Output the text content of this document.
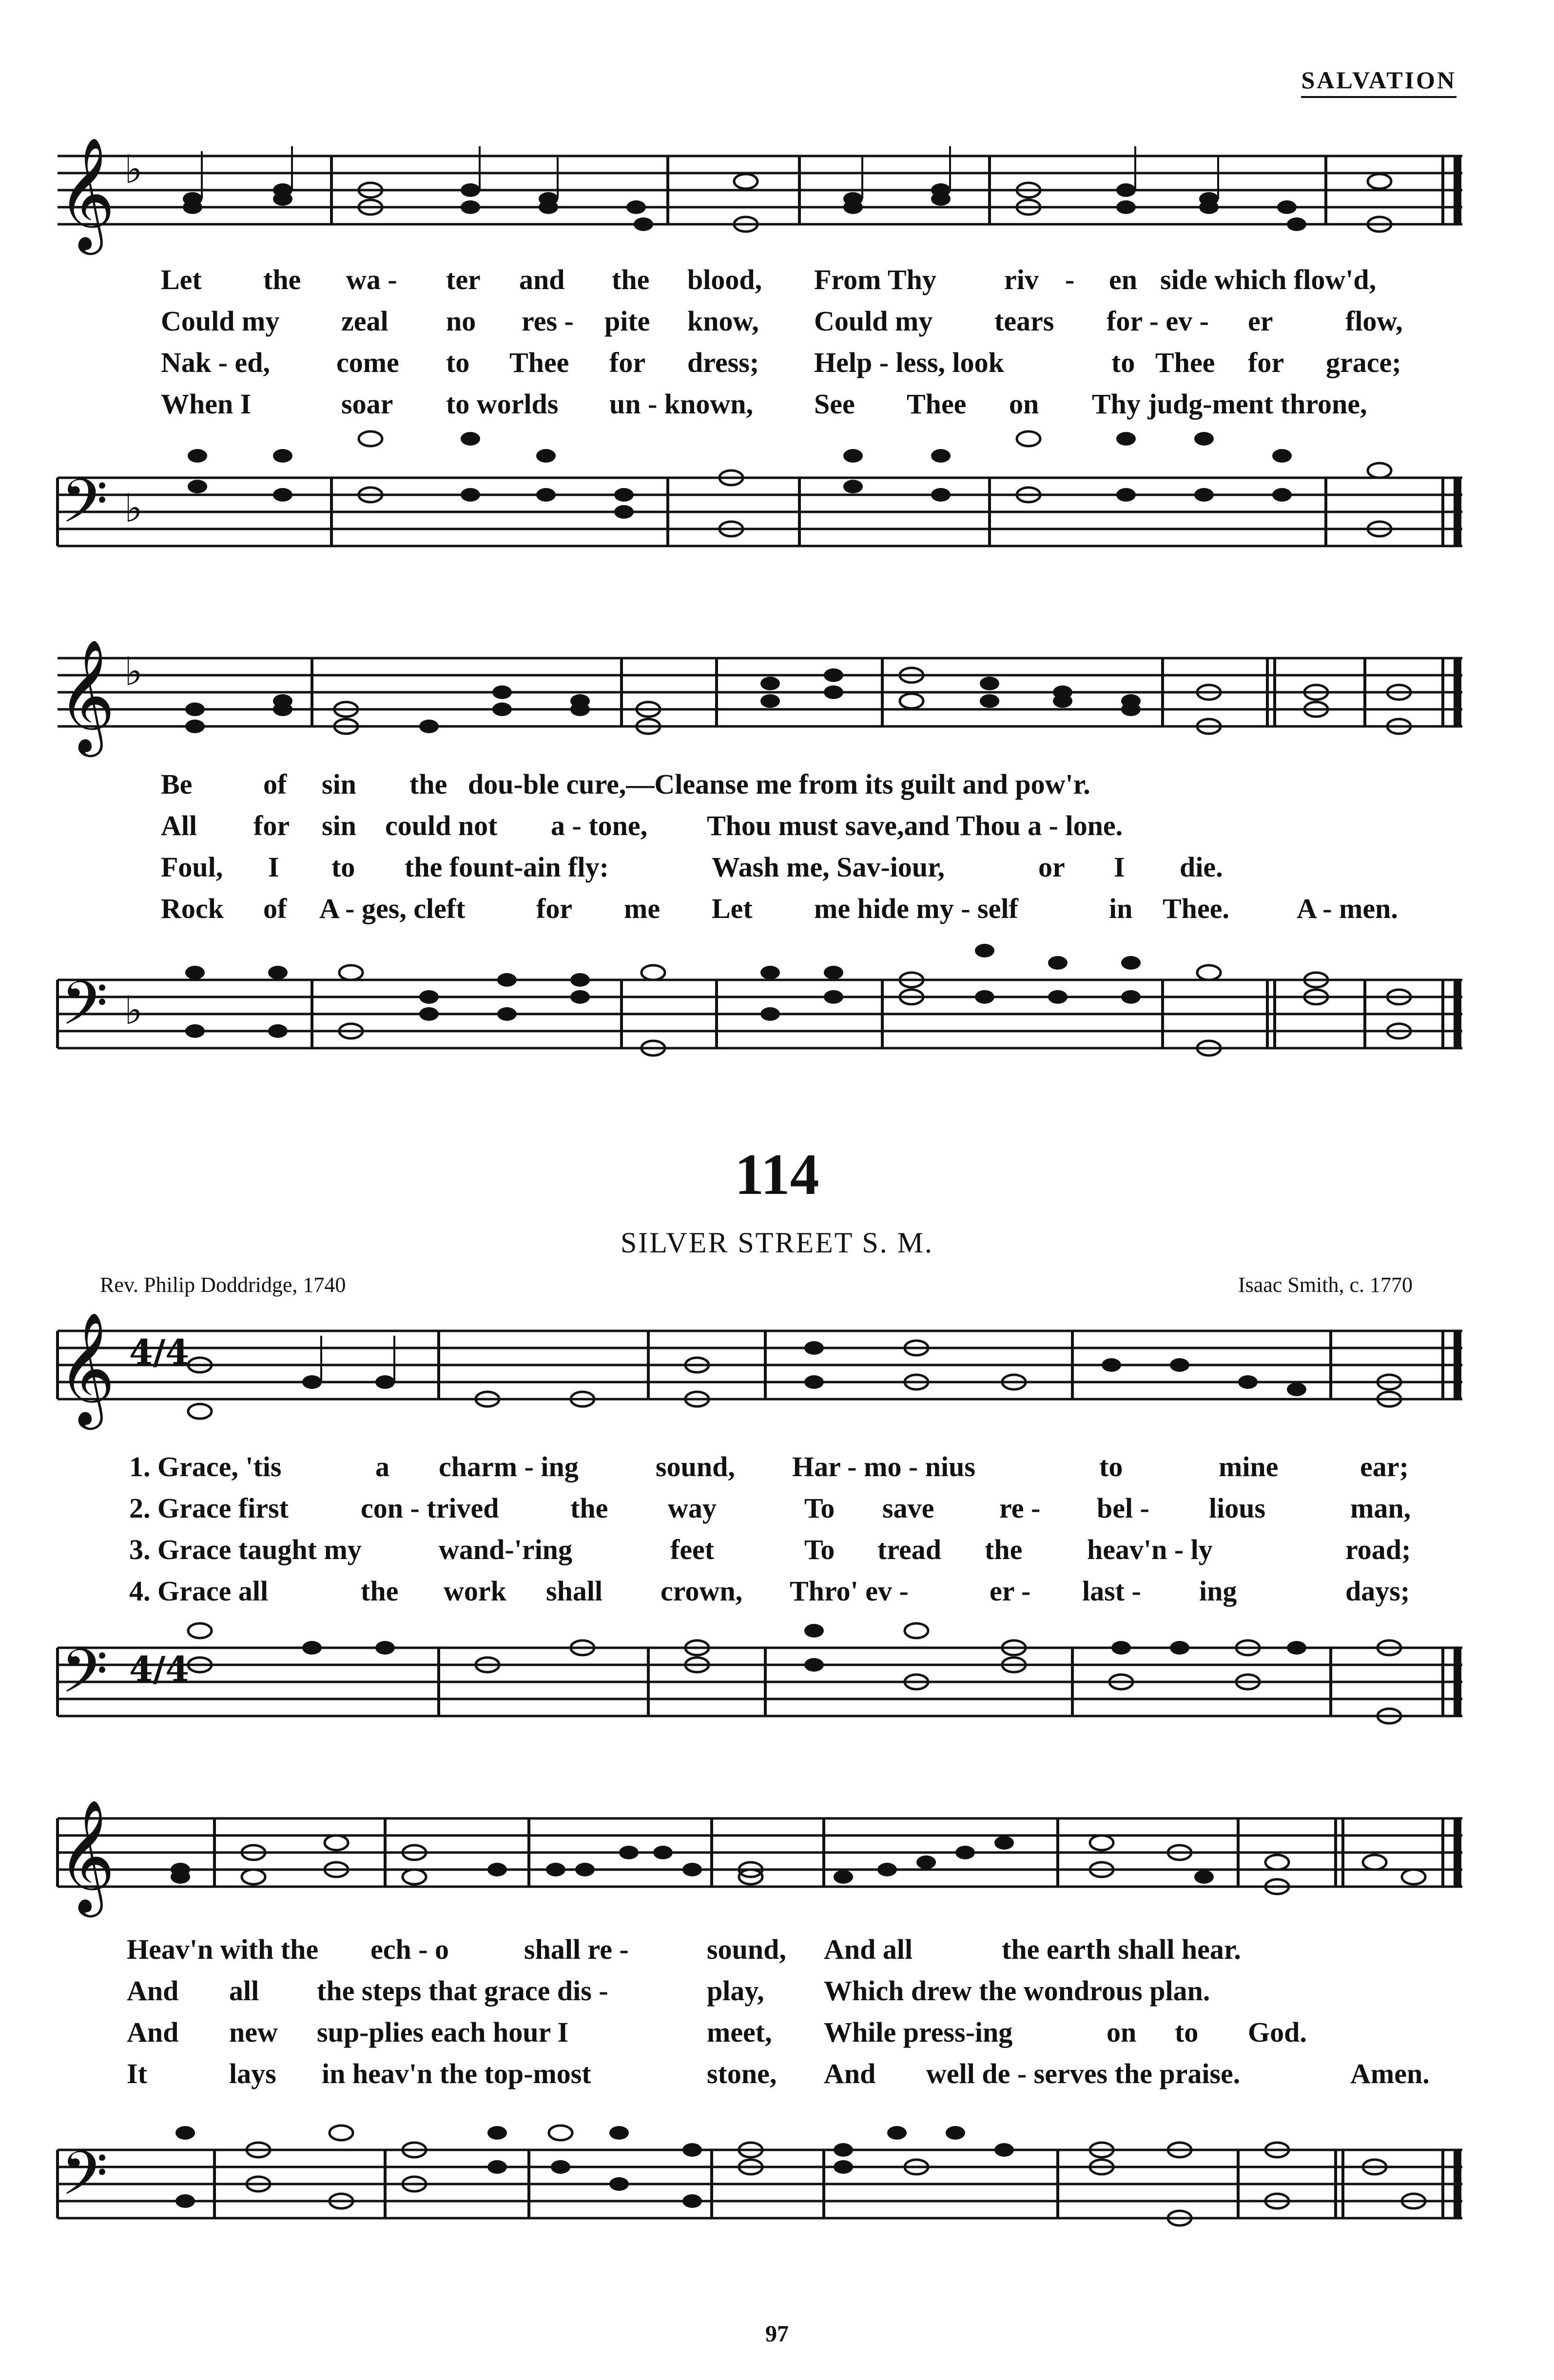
SALVATION
𝄞 ♭
Let the wa - ter and the blood, From Thy riv - en side which flow'd,
Could my zeal no res - pite know, Could my tears for - ev - er	flow,
Nak - ed, come to Thee for dress; Help - less, look	to Thee for grace;
When I	soar to worlds un - known, See Thee on Thy judg-ment throne,
𝄢 ♭
𝄞 ♭
Be	of sin the dou-ble cure,—Cleanse me from its guilt and pow'r.
All for sin could not a - tone, Thou must save,and Thou a - lone.
Foul, I to the fount-ain fly:	Wash me, Sav-iour,	or I die.
Rock of A - ges, cleft	for me Let me hide my - self	in Thee. A - men.
𝄢 ♭
114
SILVER STREET S. M.
Rev. Philip Doddridge, 1740	Isaac Smith, c. 1770
𝄞 4/4
1. Grace, 'tis	a charm - ing	sound, Har - mo - nius	to	mine	ear;
2. Grace first	con - trived	the way	To save re - bel - lious	man,
3. Grace taught my	wand-'ring	feet	To tread the heav'n - ly	road;
4. Grace all	the work shall crown, Thro' ev -	er - last - ing	days;
𝄢 4/4
𝄞
Heav'n with the ech - o	shall re -	sound, And all	the earth shall hear.
And all the steps that grace dis -	play, Which drew the wondrous plan.
And new sup-plies each hour I	meet, While press-ing	on to God.
It	lays in heav'n the top-most	stone, And well de - serves the praise.	Amen.
𝄢
97
